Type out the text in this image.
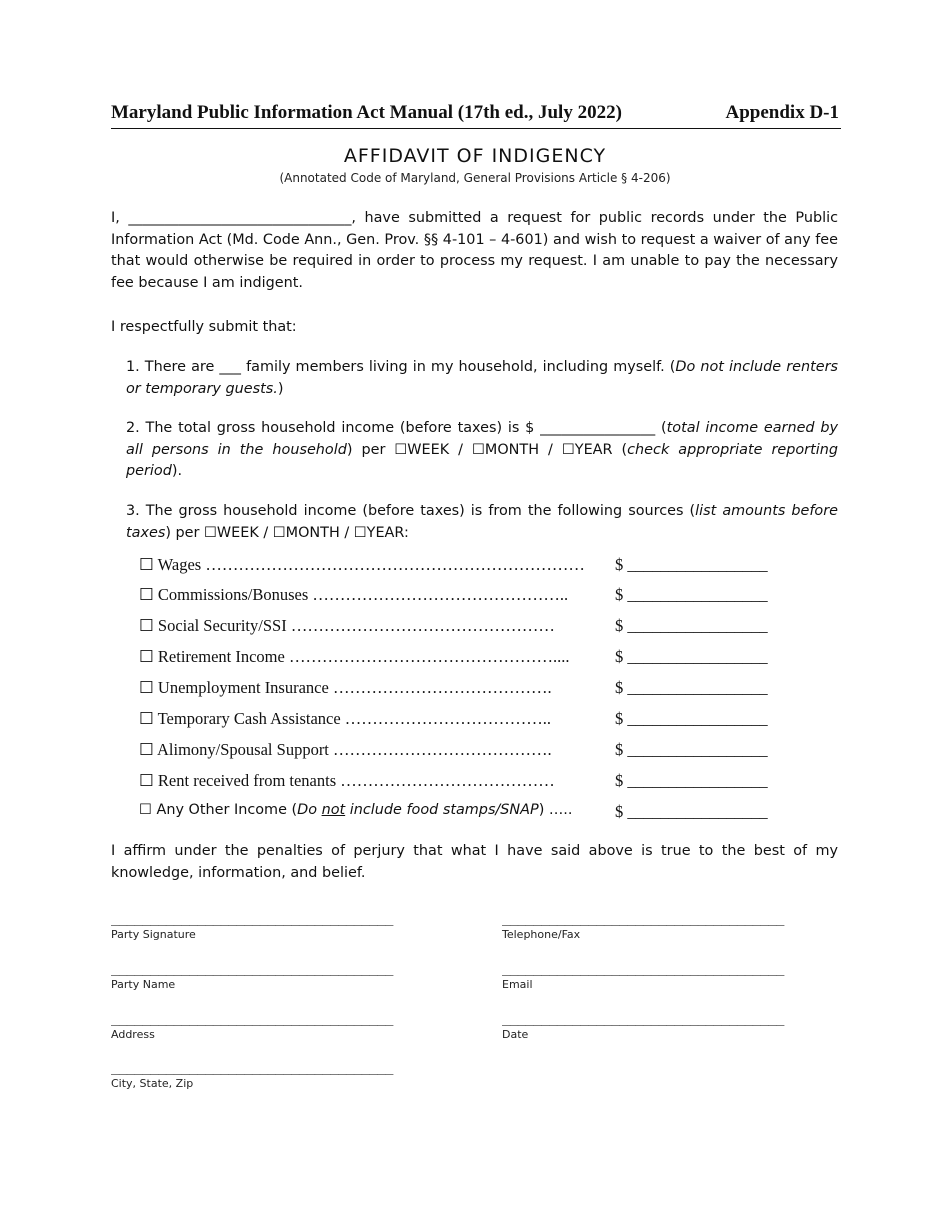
Maryland Public Information Act Manual (17th ed., July 2022)	Appendix D-1
AFFIDAVIT OF INDIGENCY
(Annotated Code of Maryland, General Provisions Article § 4-206)
I, _______________________________, have submitted a request for public records under the Public Information Act (Md. Code Ann., Gen. Prov. §§ 4-101 – 4-601) and wish to request a waiver of any fee that would otherwise be required in order to process my request. I am unable to pay the necessary fee because I am indigent.
I respectfully submit that:
1. There are ___ family members living in my household, including myself. (Do not include renters or temporary guests.)
2. The total gross household income (before taxes) is $ ________________ (total income earned by all persons in the household) per ☐WEEK / ☐MONTH / ☐YEAR (check appropriate reporting period).
3. The gross household income (before taxes) is from the following sources (list amounts before taxes) per ☐WEEK / ☐MONTH / ☐YEAR:
☐ Wages …………………………………………………………… $ _________________
☐ Commissions/Bonuses ………………………………………..	$ _________________
☐ Social Security/SSI …………………………………………	$ _________________
☐ Retirement Income …………………………………………....	$ _________________
☐ Unemployment Insurance ………………………………….	$ _________________
☐ Temporary Cash Assistance ………………………………..	$ _________________
☐ Alimony/Spousal Support ………………………………….	$ _________________
☐ Rent received from tenants …………………………………	$ _________________
☐ Any Other Income (Do not include food stamps/SNAP) …..	$ _________________
I affirm under the penalties of perjury that what I have said above is true to the best of my knowledge, information, and belief.
____________________________________
Party Signature
____________________________________
Telephone/Fax
____________________________________
Party Name
____________________________________
Email
____________________________________
Address
____________________________________
Date
____________________________________
City, State, Zip
